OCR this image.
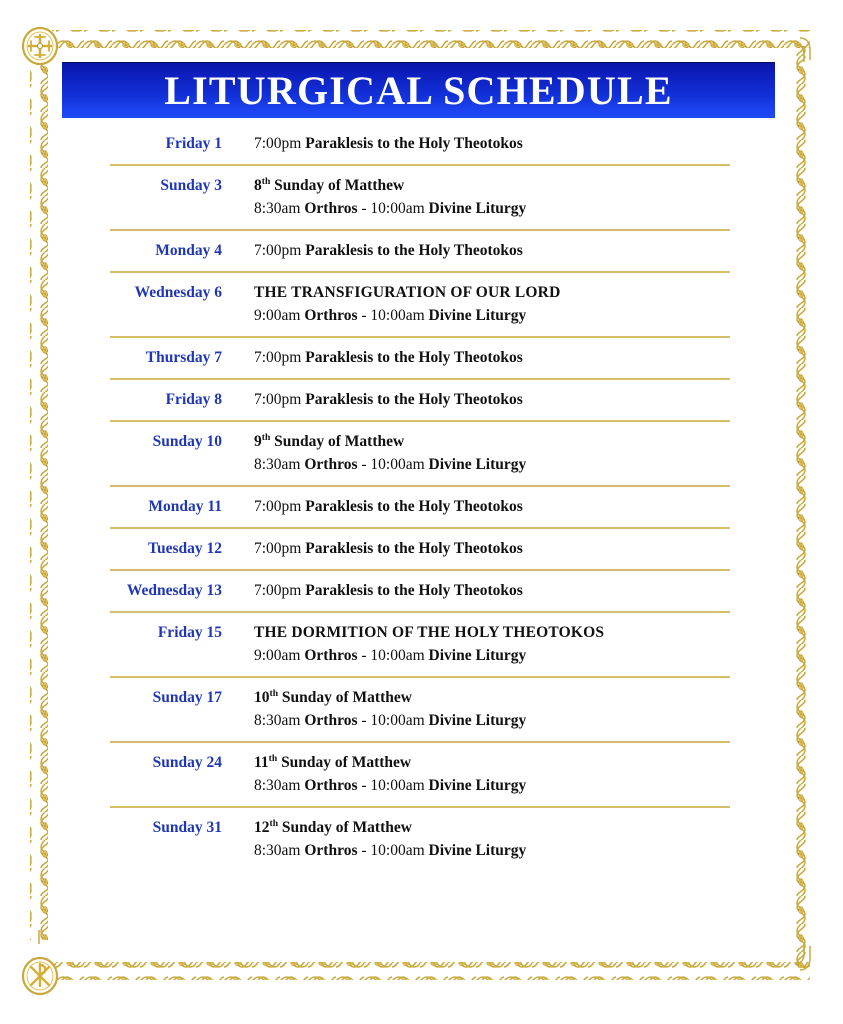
LITURGICAL SCHEDULE
Friday 1 7:00pm Paraklesis to the Holy Theotokos
Sunday 3 8th Sunday of Matthew
8:30am Orthros - 10:00am Divine Liturgy
Monday 4 7:00pm Paraklesis to the Holy Theotokos
Wednesday 6 THE TRANSFIGURATION OF OUR LORD
9:00am Orthros - 10:00am Divine Liturgy
Thursday 7 7:00pm Paraklesis to the Holy Theotokos
Friday 8 7:00pm Paraklesis to the Holy Theotokos
Sunday 10 9th Sunday of Matthew
8:30am Orthros - 10:00am Divine Liturgy
Monday 11 7:00pm Paraklesis to the Holy Theotokos
Tuesday 12 7:00pm Paraklesis to the Holy Theotokos
Wednesday 13 7:00pm Paraklesis to the Holy Theotokos
Friday 15 THE DORMITION OF THE HOLY THEOTOKOS
9:00am Orthros - 10:00am Divine Liturgy
Sunday 17 10th Sunday of Matthew
8:30am Orthros - 10:00am Divine Liturgy
Sunday 24 11th Sunday of Matthew
8:30am Orthros - 10:00am Divine Liturgy
Sunday 31 12th Sunday of Matthew
8:30am Orthros - 10:00am Divine Liturgy
